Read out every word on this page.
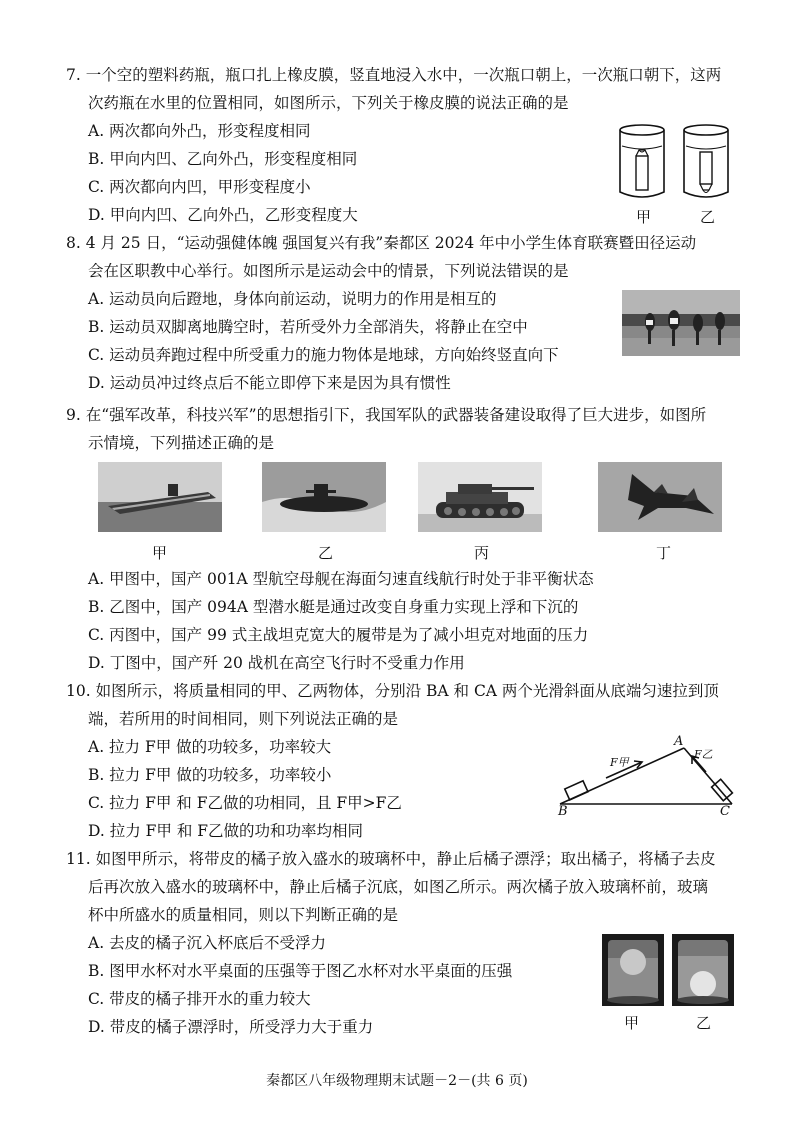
7. 一个空的塑料药瓶，瓶口扎上橡皮膜，竖直地浸入水中，一次瓶口朝上，一次瓶口朝下，这两
次药瓶在水里的位置相同，如图所示，下列关于橡皮膜的说法正确的是
A. 两次都向外凸，形变程度相同
B. 甲向内凹、乙向外凸，形变程度相同
C. 两次都向内凹，甲形变程度小
D. 甲向内凹、乙向外凸，乙形变程度大	甲	乙
8. 4 月 25 日，“运动强健体魄 强国复兴有我”秦都区 2024 年中小学生体育联赛暨田径运动
会在区职教中心举行。如图所示是运动会中的情景，下列说法错误的是
A. 运动员向后蹬地，身体向前运动，说明力的作用是相互的
B. 运动员双脚离地腾空时，若所受外力全部消失，将静止在空中
C. 运动员奔跑过程中所受重力的施力物体是地球，方向始终竖直向下
D. 运动员冲过终点后不能立即停下来是因为具有惯性
9. 在“强军改革，科技兴军”的思想指引下，我国军队的武器装备建设取得了巨大进步，如图所
示情境，下列描述正确的是
甲	乙	丙	丁
A. 甲图中，国产 001A 型航空母舰在海面匀速直线航行时处于非平衡状态
B. 乙图中，国产 094A 型潜水艇是通过改变自身重力实现上浮和下沉的
C. 丙图中，国产 99 式主战坦克宽大的履带是为了减小坦克对地面的压力
D. 丁图中，国产歼 20 战机在高空飞行时不受重力作用
10. 如图所示，将质量相同的甲、乙两物体，分别沿 BA 和 CA 两个光滑斜面从底端匀速拉到顶
端，若所用的时间相同，则下列说法正确的是
A. 拉力 F甲 做的功较多，功率较大
B. 拉力 F甲 做的功较多，功率较小
C. 拉力 F甲 和 F乙做的功相同，且 F甲>F乙
D. 拉力 F甲 和 F乙做的功和功率均相同
A
B	C
F甲
F乙
11. 如图甲所示，将带皮的橘子放入盛水的玻璃杯中，静止后橘子漂浮；取出橘子，将橘子去皮
后再次放入盛水的玻璃杯中，静止后橘子沉底，如图乙所示。两次橘子放入玻璃杯前，玻璃
杯中所盛水的质量相同，则以下判断正确的是
A. 去皮的橘子沉入杯底后不受浮力
B. 图甲水杯对水平桌面的压强等于图乙水杯对水平桌面的压强
C. 带皮的橘子排开水的重力较大
D. 带皮的橘子漂浮时，所受浮力大于重力	甲	乙
秦都区八年级物理期末试题－2－(共 6 页)
